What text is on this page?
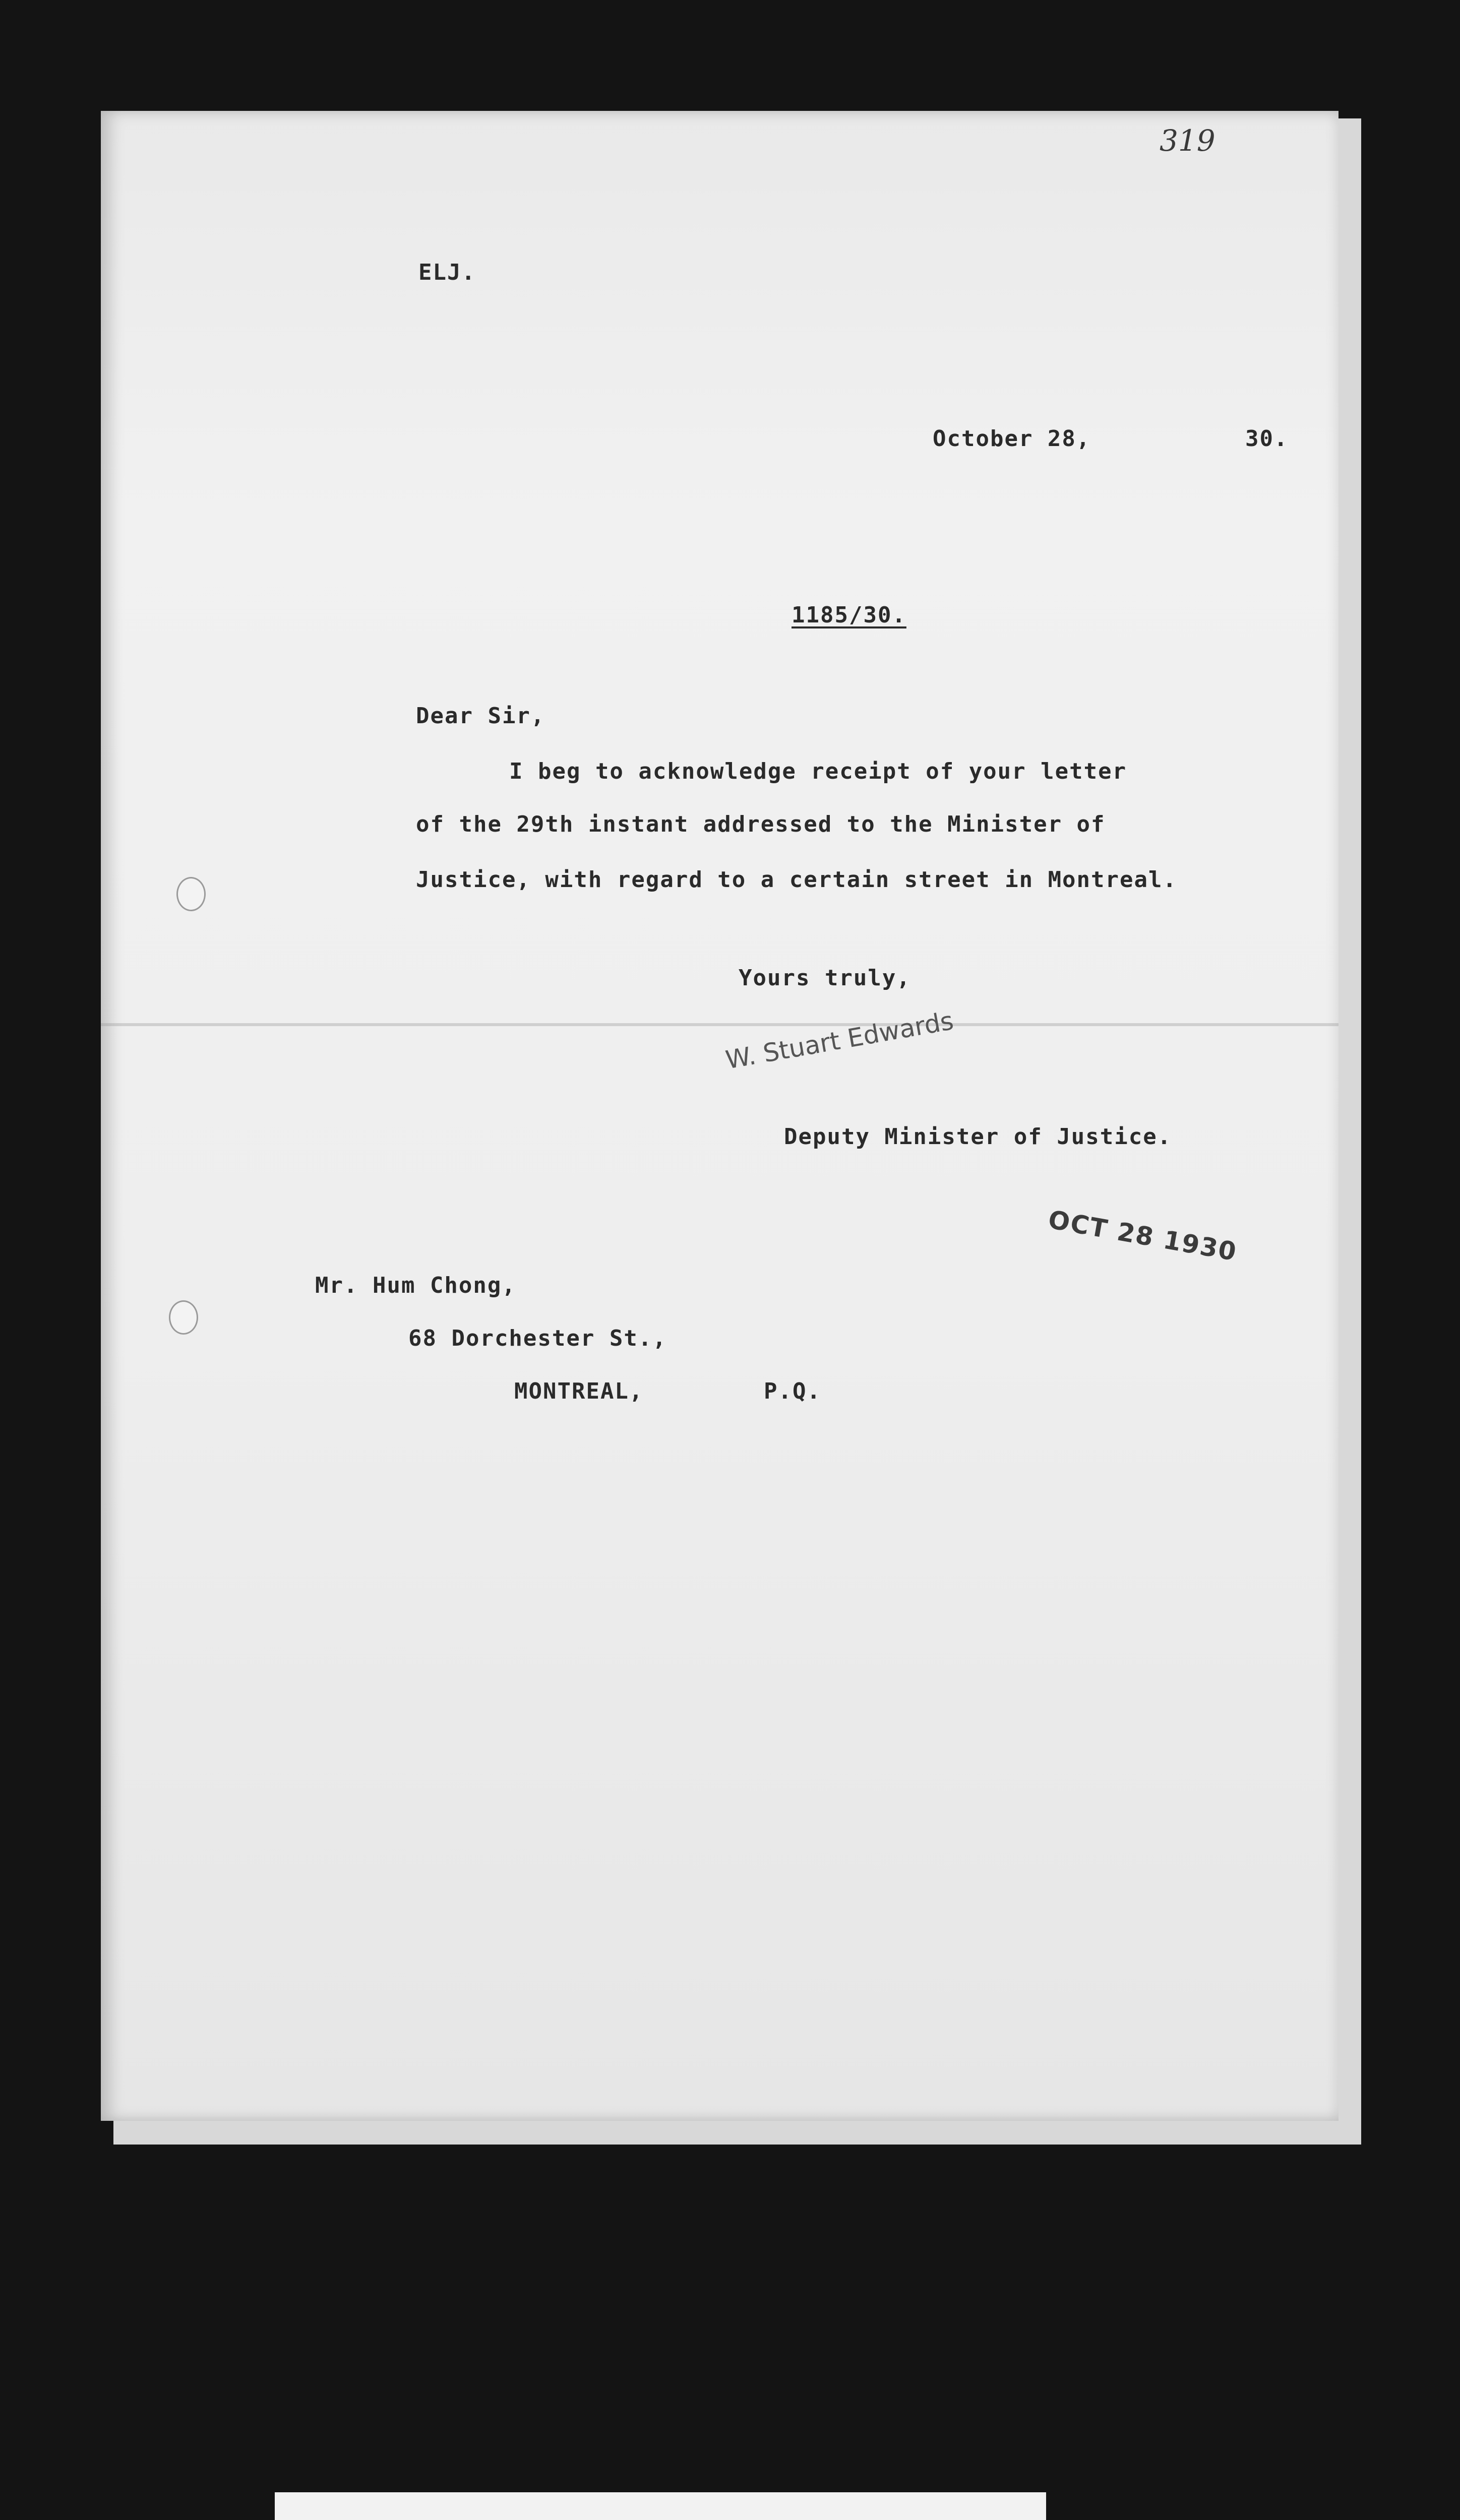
319
ELJ.
October 28,	30.
1185/30.
Dear Sir,
I beg to acknowledge receipt of your letter
of the 29th instant addressed to the Minister of
Justice, with regard to a certain street in Montreal.
Yours truly,
W. Stuart Edwards
Deputy Minister of Justice.
OCT 28 1930
Mr. Hum Chong,
68 Dorchester St.,
MONTREAL,	P.Q.
